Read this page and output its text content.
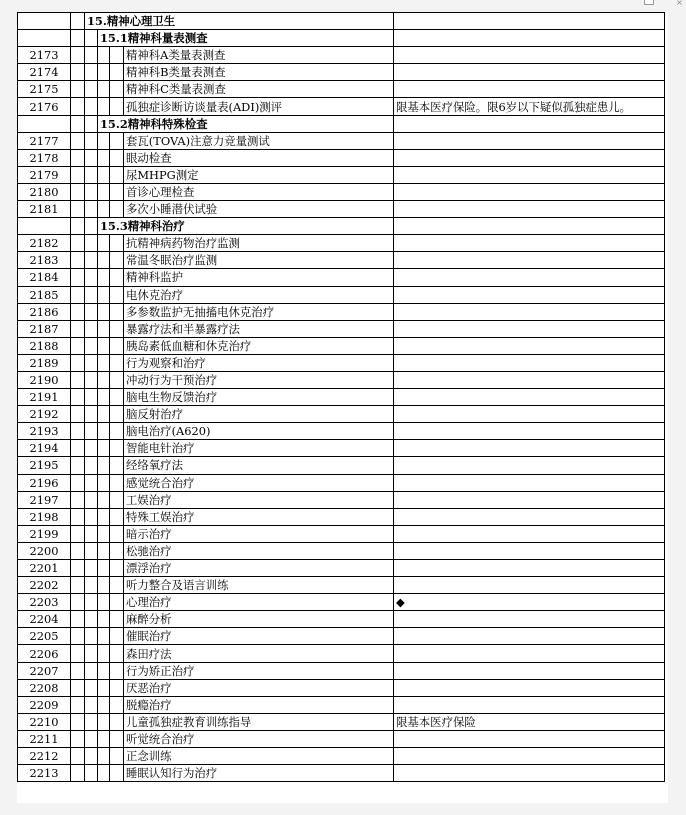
×
		15.精神心理卫生				
			15.1精神科量表测查			
2173					精神科A类量表测查	
2174					精神科B类量表测查	
2175					精神科C类量表测查	
2176					孤独症诊断访谈量表(ADI)测评	限基本医疗保险。限6岁以下疑似孤独症患儿。
			15.2精神科特殊检查			
2177					套瓦(TOVA)注意力竞量测试	
2178					眼动检查	
2179					尿MHPG测定	
2180					首诊心理检查	
2181					多次小睡潜伏试验	
			15.3精神科治疗			
2182					抗精神病药物治疗监测	
2183					常温冬眠治疗监测	
2184					精神科监护	
2185					电休克治疗	
2186					多参数监护无抽搐电休克治疗	
2187					暴露疗法和半暴露疗法	
2188					胰岛素低血糖和休克治疗	
2189					行为观察和治疗	
2190					冲动行为干预治疗	
2191					脑电生物反馈治疗	
2192					脑反射治疗	
2193					脑电治疗(A620)	
2194					智能电针治疗	
2195					经络氧疗法	
2196					感觉统合治疗	
2197					工娱治疗	
2198					特殊工娱治疗	
2199					暗示治疗	
2200					松驰治疗	
2201					漂浮治疗	
2202					听力整合及语言训练	
2203					心理治疗	◆
2204					麻醉分析	
2205					催眠治疗	
2206					森田疗法	
2207					行为矫正治疗	
2208					厌恶治疗	
2209					脱瘾治疗	
2210					儿童孤独症教育训练指导	限基本医疗保险
2211					听觉统合治疗	
2212					正念训练	
2213					睡眠认知行为治疗	
